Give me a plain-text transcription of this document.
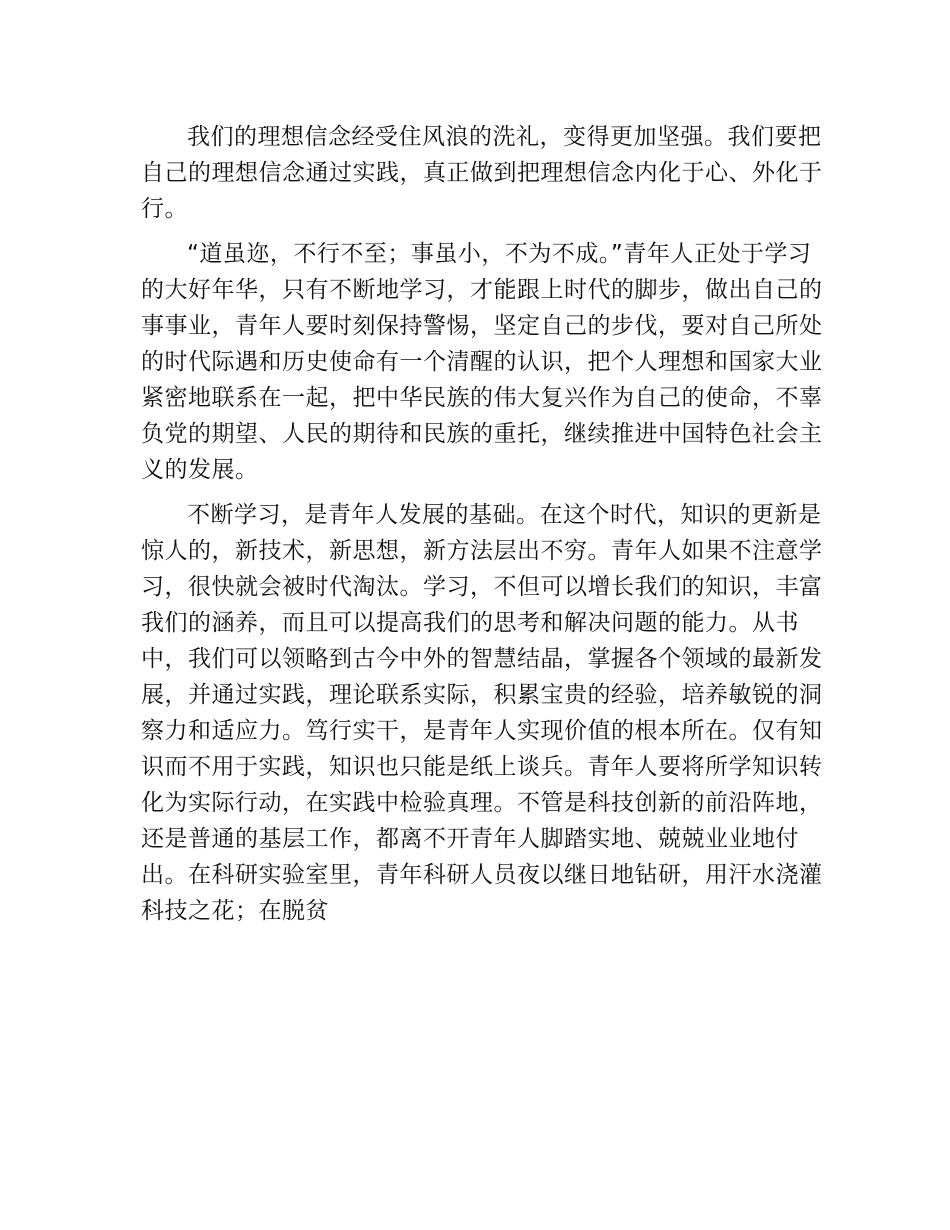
我们的理想信念经受住风浪的洗礼，变得更加坚强。我们要把自己的理想信念通过实践，真正做到把理想信念内化于心、外化于行。

“道虽迩，不行不至；事虽小，不为不成。”青年人正处于学习的大好年华，只有不断地学习，才能跟上时代的脚步，做出自己的事事业，青年人要时刻保持警惕，坚定自己的步伐，要对自己所处的时代际遇和历史使命有一个清醒的认识，把个人理想和国家大业紧密地联系在一起，把中华民族的伟大复兴作为自己的使命，不辜负党的期望、人民的期待和民族的重托，继续推进中国特色社会主义的发展。

不断学习，是青年人发展的基础。在这个时代，知识的更新是惊人的，新技术，新思想，新方法层出不穷。青年人如果不注意学习，很快就会被时代淘汰。学习，不但可以增长我们的知识，丰富我们的涵养，而且可以提高我们的思考和解决问题的能力。从书中，我们可以领略到古今中外的智慧结晶，掌握各个领域的最新发展，并通过实践，理论联系实际，积累宝贵的经验，培养敏锐的洞察力和适应力。笃行实干，是青年人实现价值的根本所在。仅有知识而不用于实践，知识也只能是纸上谈兵。青年人要将所学知识转化为实际行动，在实践中检验真理。不管是科技创新的前沿阵地，还是普通的基层工作，都离不开青年人脚踏实地、兢兢业业地付出。在科研实验室里，青年科研人员夜以继日地钻研，用汗水浇灌科技之花；在脱贫
